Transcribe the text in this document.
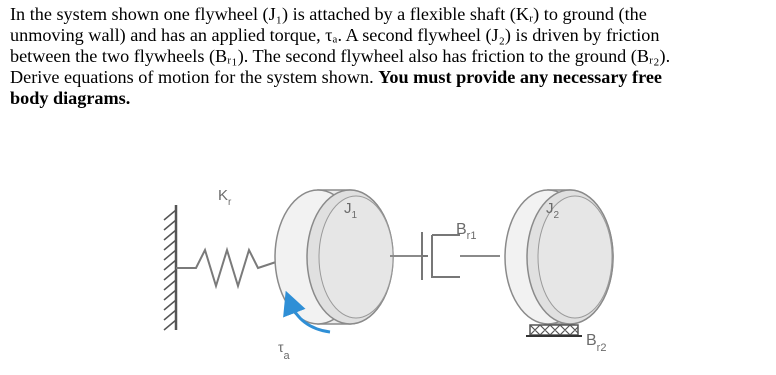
In the system shown one flywheel (J₁) is attached by a flexible shaft (Kᵣ) to ground (the
unmoving wall) and has an applied torque, τₐ. A second flywheel (J₂) is driven by friction
between the two flywheels (Bᵣ₁). The second flywheel also has friction to the ground (Bᵣ₂).
Derive equations of motion for the system shown. You must provide any necessary free
body diagrams.
$K_r$	$J_1$
$B_{r1}$
$J_2$
$B_{r2}$
$\tau_a$
